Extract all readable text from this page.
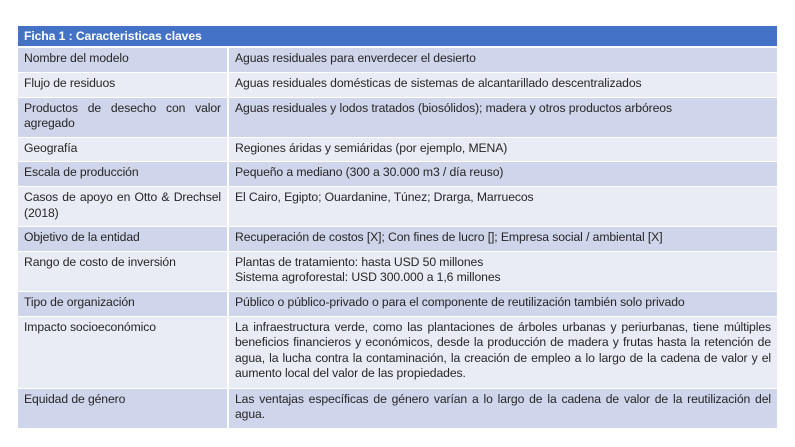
Ficha 1 : Caracteristicas claves	
Nombre del modelo	Aguas residuales para enverdecer el desierto
Flujo de residuos	Aguas residuales domésticas de sistemas de alcantarillado descentralizados
Productos de desecho con valor agregado	Aguas residuales y lodos tratados (biosólidos); madera y otros productos arbóreos
Geografía	Regiones áridas y semiáridas (por ejemplo, MENA)
Escala de producción	Pequeño a mediano (300 a 30.000 m3 / día reuso)
Casos de apoyo en Otto & Drechsel (2018)	El Cairo, Egipto; Ouardanine, Túnez; Drarga, Marruecos
Objetivo de la entidad	Recuperación de costos [X]; Con fines de lucro []; Empresa social / ambiental [X]
Rango de costo de inversión	Plantas de tratamiento: hasta USD 50 millones
Sistema agroforestal: USD 300.000 a 1,6 millones

Tipo de organización	Público o público-privado o para el componente de reutilización también solo privado
Impacto socioeconómico	La infraestructura verde, como las plantaciones de árboles urbanas y periurbanas, tiene múltiples beneficios financieros y económicos, desde la producción de madera y frutas hasta la retención de agua, la lucha contra la contaminación, la creación de empleo a lo largo de la cadena de valor y el aumento local del valor de las propiedades.
Equidad de género	Las ventajas específicas de género varían a lo largo de la cadena de valor de la reutilización del agua.
